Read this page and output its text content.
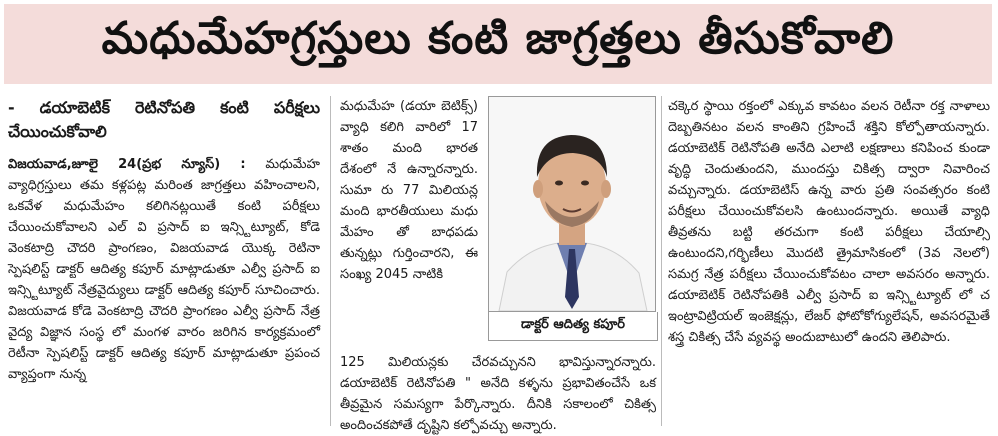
మధుమేహగ్రస్తులు కంటి జాగ్రత్తలు తీసుకోవాలి
- డయాబెటిక్ రెటినోపతి కంటి పరీక్షలు చేయించుకోవాలి

విజయవాడ,జూలై 24(ప్రభ న్యూస్) : మధుమేహ వ్యాధిగ్రస్తులు తమ కళ్లపట్ల మరింత జాగ్రత్తలు వహించాలని, ఒకవేళ మధుమేహం కలిగినట్లయితే కంటి పరీక్షలు చేయించుకోవాలని ఎల్ వి ప్రసాద్ ఐ ఇన్స్టిట్యూట్, కోడె వెంకటాద్రి చౌదరి ప్రాంగణం, విజయవాడ యొక్క రెటినా స్పెషలిస్ట్ డాక్టర్ ఆదిత్య కపూర్ మాట్లాడుతూ ఎల్వీ ప్రసాద్ ఐ ఇన్స్టిట్యూట్ నేత్రవైద్యులు డాక్టర్ ఆదిత్య కపూర్ సూచించారు. విజయవాడ కోడె వెంకటాద్రి చౌదరి ప్రాంగణం ఎల్వీ ప్రసాద్ నేత్ర వైద్య విజ్ఞాన సంస్థ లో మంగళ వారం జరిగిన కార్యక్రమంలో రెటీనా స్పెషలిస్ట్ డాక్టర్ ఆదిత్య కపూర్ మాట్లాడుతూ ప్రపంచ వ్యాప్తంగా నున్న

మధుమేహ (డయా బెటిక్స్) వ్యాధి కలిగి వారిలో 17 శాతం మంది భారత దేశంలో నే ఉన్నారన్నారు. సుమా రు 77 మిలియన్ల మంది భారతీయులు మధు మేహం తో బాధపడు తున్నట్లు గుర్తించారని, ఈ సంఖ్య 2045 నాటికి

డాక్టర్ ఆదిత్య కపూర్

125 మిలియన్లకు చేరవచ్చునని భావిస్తున్నారన్నారు. డయాబెటిక్ రెటినోపతి " అనేది కళ్ళను ప్రభావితంచేసే ఒక తీవ్రమైన సమస్యగా పేర్కొన్నారు. దీనికి సకాలంలో చికిత్స అందించకపోతే దృష్టిని కల్పోవచ్చు అన్నారు.

చక్కెర స్థాయి రక్తంలో ఎక్కువ కావటం వలన రెటీనా రక్త నాళాలు దెబ్బతినటం వలన కాంతిని గ్రహించే శక్తిని కోల్పోతాయన్నారు. డయాబెటిక్ రెటినోపతి అనేది ఎలాటి లక్షణాలు కనిపించ కుండా వృద్ధి చెందుతుందని, ముందస్తు చికిత్స ద్వారా నివారించ వచ్చున్నారు. డయాబెటిస్ ఉన్న వారు ప్రతి సంవత్సరం కంటి పరీక్షలు చేయించుకోవలసి ఉంటుందన్నారు. అయితే వ్యాధి తీవ్రతను బట్టి తరచుగా కంటి పరీక్షలు చేయాల్సి ఉంటుందని,గర్భిణీలు మొదటి త్రైమాసికంలో (3వ నెలలో) సమగ్ర నేత్ర పరీక్షలు చేయించుకోవటం చాలా అవసరం అన్నారు. డయాబెటిక్ రెటినోపతికి ఎల్వీ ప్రసాద్ ఐ ఇన్స్టిట్యూట్ లో చ ఇంట్రావిట్రియల్ ఇంజెక్షన్లు, లేజర్ ఫోటోకోగ్యులేషన్, అవసరమైతే శస్త్ర చికిత్స చేసే వ్యవస్థ అందుబాటులో ఉందని తెలిపారు.
